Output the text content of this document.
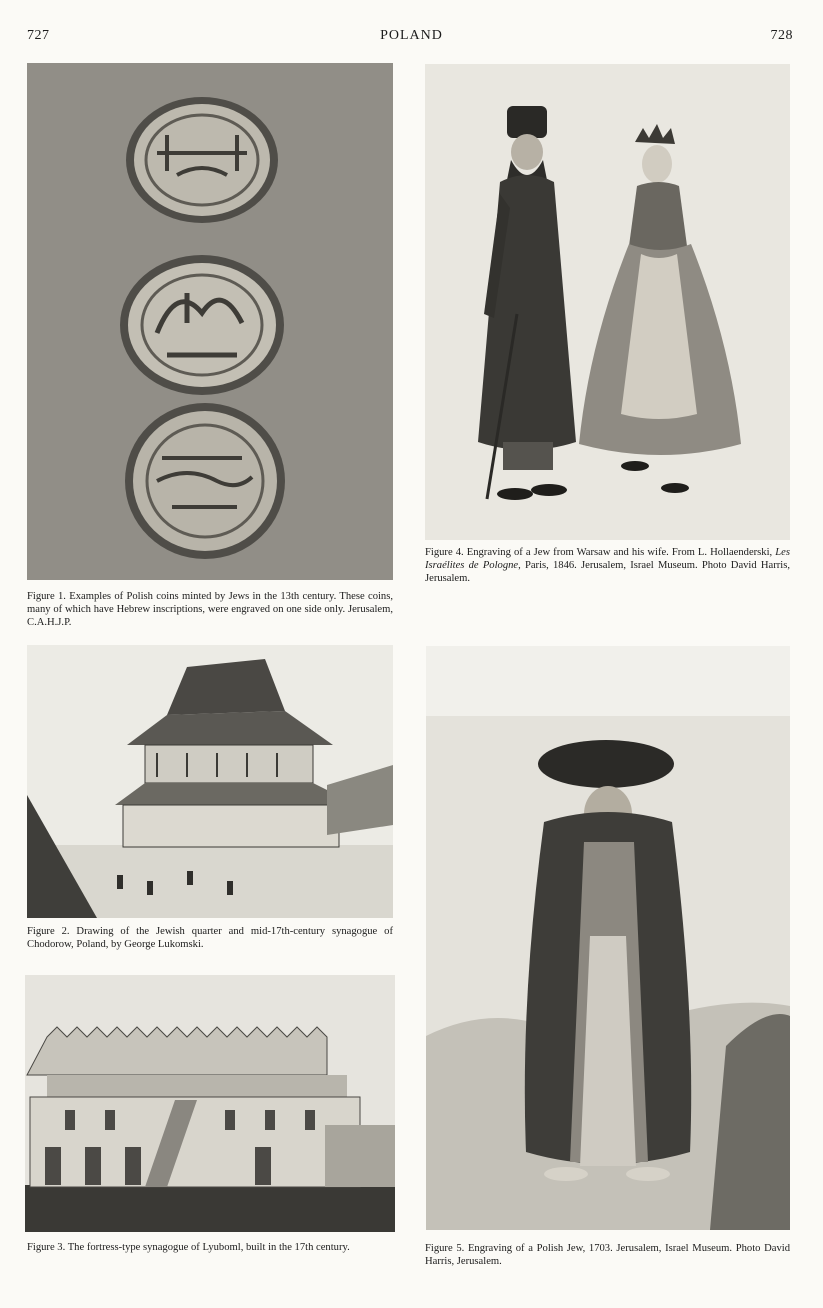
727	POLAND	728
Figure 1. Examples of Polish coins minted by Jews in the 13th century. These coins, many of which have Hebrew inscriptions, were engraved on one side only. Jerusalem, C.A.H.J.P.
Figure 4. Engraving of a Jew from Warsaw and his wife. From L. Hollaenderski, Les Israélites de Pologne, Paris, 1846. Jerusalem, Israel Museum. Photo David Harris, Jerusalem.
Figure 2. Drawing of the Jewish quarter and mid-17th-century synagogue of Chodorow, Poland, by George Lukomski.
Figure 5. Engraving of a Polish Jew, 1703. Jerusalem, Israel Museum. Photo David Harris, Jerusalem.
Figure 3. The fortress-type synagogue of Lyuboml, built in the 17th century.
